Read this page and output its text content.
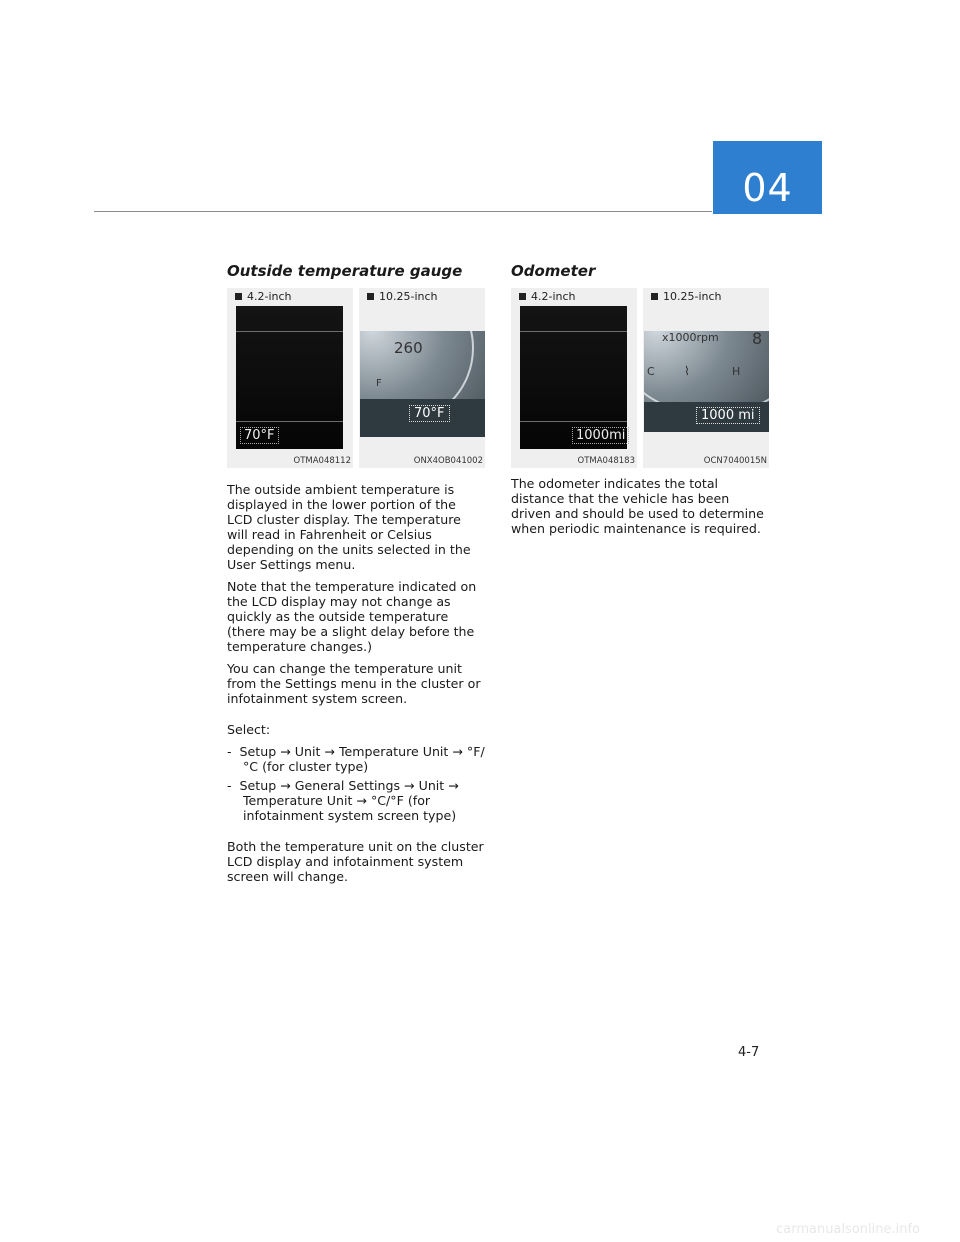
04
Outside temperature gauge
4.2-inch
70°F
OTMA048112
10.25-inch
260
F
70°F
ONX4OB041002

The outside ambient temperature is displayed in the lower portion of the LCD cluster display. The temperature will read in Fahrenheit or Celsius depending on the units selected in the User Settings menu.

Note that the temperature indicated on the LCD display may not change as quickly as the outside temperature (there may be a slight delay before the temperature changes.)

You can change the temperature unit from the Settings menu in the cluster or infotainment system screen.

Select:

-  Setup → Unit → Temperature Unit → °F/°C (for cluster type)

-  Setup → General Settings → Unit → Temperature Unit → °C/°F (for infotainment system screen type)

Both the temperature unit on the cluster LCD display and infotainment system screen will change.

Odometer
4.2-inch
1000mi
OTMA048183
10.25-inch
x1000rpm 8
C ⌇	H
1000 mi
OCN7040015N

The odometer indicates the total distance that the vehicle has been driven and should be used to determine when periodic maintenance is required.

4-7
carmanualsonline.info
